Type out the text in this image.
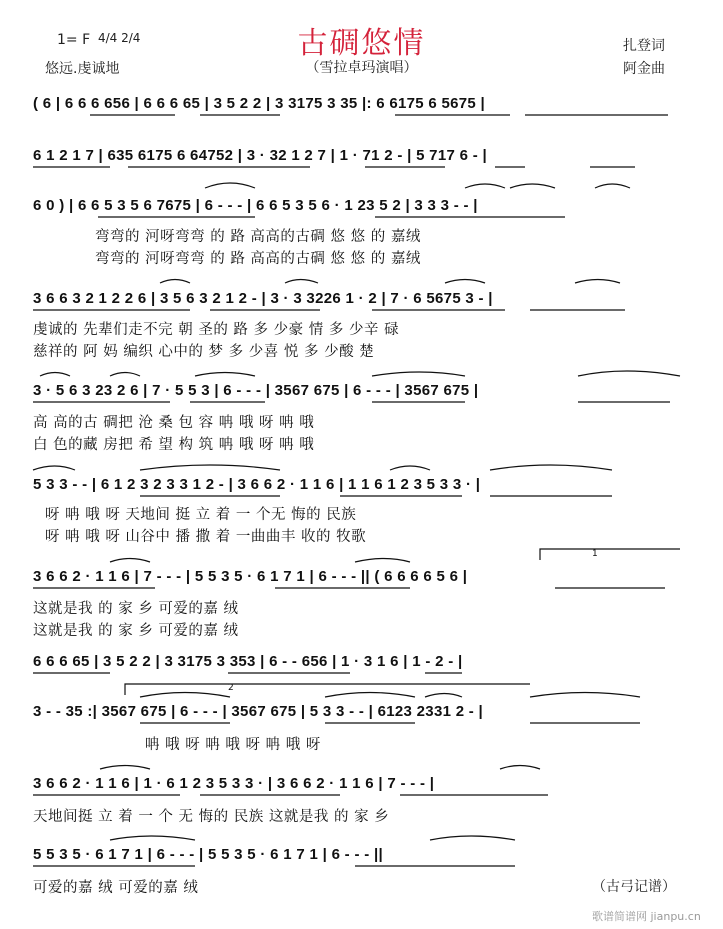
1= F 4/4 2/4
悠远.虔诚地
古碉悠情
（雪拉卓玛演唱）
扎登词
阿金曲
( 6 | 6 6 6 656 | 6 6 6 65 | 3 5 2 2 | 3 3175 3 35 |: 6 6175 6 5675 |
6 1 2 1 7 | 635 6175 6 64752 | 3 · 32 1 2 7 | 1 · 71 2 - | 5 717 6 - |
6 0 ) | 6 6 5 3 5 6 7675 | 6 - - - | 6 6 5 3 5 6 · 1 23 5 2 | 3 3 3 - - |
弯弯的 河呀弯弯 的 路 高高的古碉 悠 悠 的 嘉绒
弯弯的 河呀弯弯 的 路 高高的古碉 悠 悠 的 嘉绒
3 6 6 3 2 1 2 2 6 | 3 5 6 3 2 1 2 - | 3 · 3 3226 1 · 2 | 7 · 6 5675 3 - |
虔诚的 先辈们走不完 朝 圣的 路 多 少豪 情 多 少辛 碌
慈祥的 阿 妈 编织 心中的 梦 多 少喜 悦 多 少酸 楚
3 · 5 6 3 23 2 6 | 7 · 5 5 3 | 6 - - - | 3567 675 | 6 - - - | 3567 675 |
高 高的古 碉把 沧 桑 包 容 呥 哦 呀 呥 哦
白 色的藏 房把 希 望 构 筑 呥 哦 呀 呥 哦
5 3 3 - - | 6 1 2 3 2 3 3 1 2 - | 3 6 6 2 · 1 1 6 | 1 1 6 1 2 3 5 3 3 · |
呀 呥 哦 呀 天地间 挺 立 着 一 个无 悔的 民族
呀 呥 哦 呀 山谷中 播 撒 着 一曲曲丰 收的 牧歌
3 6 6 2 · 1 1 6 | 7 - - - | 5 5 3 5 · 6 1 7 1 | 6 - - - || ( 6 6 6 6 5 6 |
这就是我 的 家 乡 可爱的嘉 绒
这就是我 的 家 乡 可爱的嘉 绒
6 6 6 65 | 3 5 2 2 | 3 3175 3 353 | 6 - - 656 | 1 · 3 1 6 | 1 - 2 - |
3 - - 35 :| 3567 675 | 6 - - - | 3567 675 | 5 3 3 - - | 6123 2331 2 - |
呥 哦 呀 呥 哦 呀 呥 哦 呀
3 6 6 2 · 1 1 6 | 1 · 6 1 2 3 5 3 3 · | 3 6 6 2 · 1 1 6 | 7 - - - |
天地间挺 立 着 一 个 无 悔的 民族 这就是我 的 家 乡
5 5 3 5 · 6 1 7 1 | 6 - - - | 5 5 3 5 · 6 1 7 1 | 6 - - - ||
可爱的嘉 绒 可爱的嘉 绒	（古弓记谱）
歌谱简谱网 jianpu.cn
1
2
